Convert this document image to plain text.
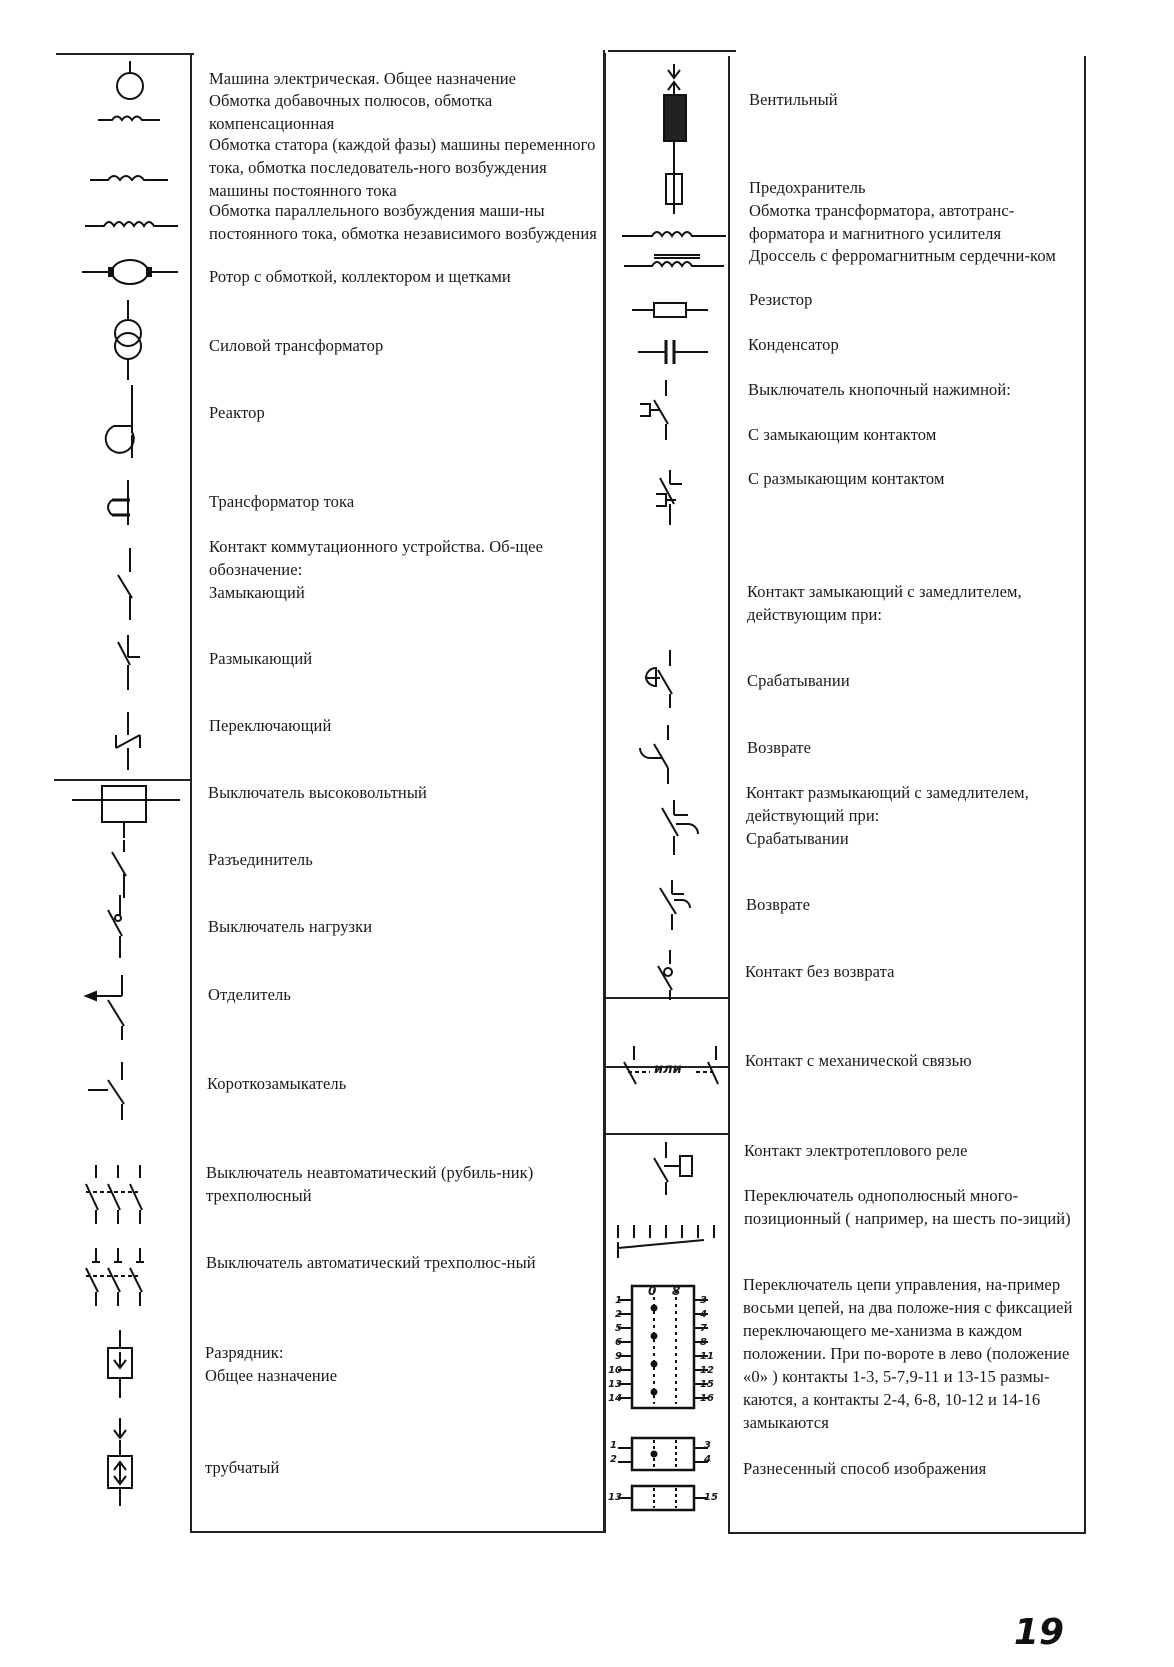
или
0 8
1
2
5
6
9
10
13
14
3
4
7
8
11
12
15
16
1
2
3
4
13	15

Машина электрическая. Общее назначение

Обмотка добавочных полюсов, обмотка компенсационная

Обмотка статора (каждой фазы) машины переменного тока, обмотка последователь-ного возбуждения машины постоянного тока

Обмотка параллельного возбуждения маши-ны постоянного тока, обмотка независимого возбуждения

Ротор с обмоткой, коллектором и щетками

Силовой трансформатор

Реактор

Трансформатор тока

Контакт коммутационного устройства. Об-щее обозначение:
Замыкающий

Размыкающий

Переключающий

Выключатель высоковольтный

Разъединитель

Выключатель нагрузки

Отделитель

Короткозамыкатель

Выключатель неавтоматический (рубиль-ник) трехполюсный

Выключатель автоматический трехполюс-ный

Разрядник:
Общее назначение

трубчатый

Вентильный

Предохранитель

Обмотка трансформатора, автотранс-форматора и магнитного усилителя

Дроссель с ферромагнитным сердечни-ком

Резистор

Конденсатор

Выключатель кнопочный нажимной:

С замыкающим контактом

С размыкающим контактом

Контакт замыкающий с замедлителем, действующим при:

Срабатывании

Возврате

Контакт размыкающий с замедлителем, действующий при:
Срабатывании

Возврате

Контакт без возврата

Контакт с механической связью

Контакт электротеплового реле

Переключатель однополюсный много-позиционный ( например, на шесть по-зиций)

Переключатель цепи управления, на-пример восьми цепей, на два положе-ния с фиксацией переключающего ме-ханизма в каждом положении. При по-вороте в лево (положение «0» ) контакты 1-3, 5-7,9-11 и 13-15 размы-каются, а контакты 2-4, 6-8, 10-12 и 14-16 замыкаются

Разнесенный способ изображения

19
